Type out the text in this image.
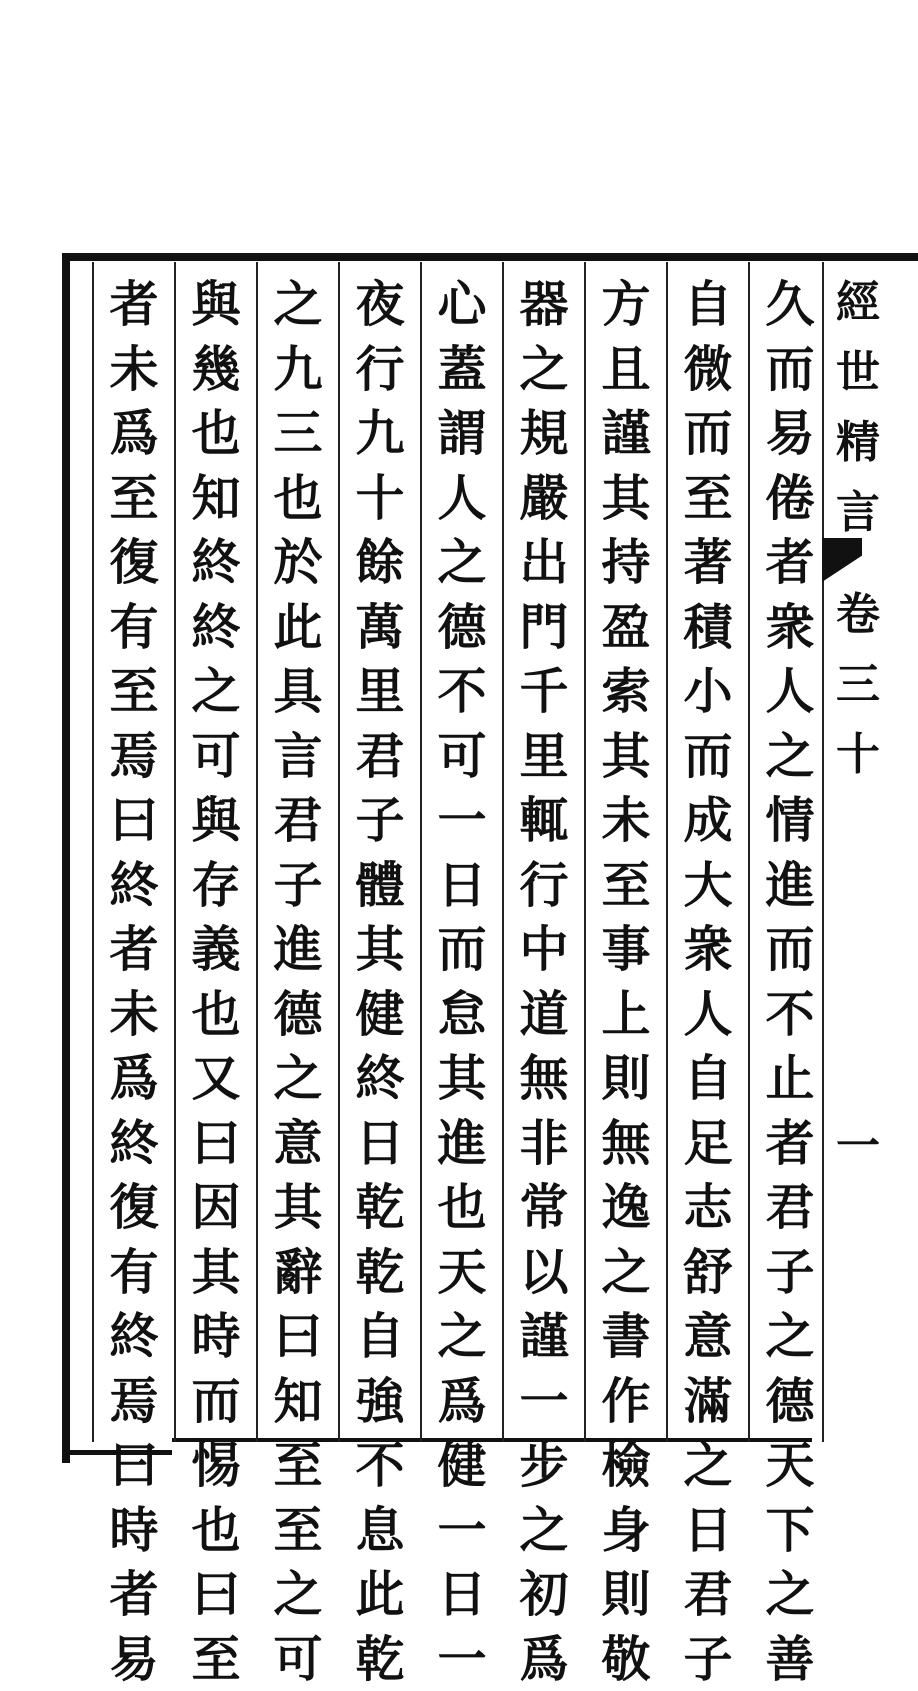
經
世
精
言
卷
三
十
一
久
而
易
倦
者
衆
人
之
情
進
而
不
止
者
君
子
之
德
天
下
之
善
自
微
而
至
著
積
小
而
成
大
衆
人
自
足
志
舒
意
滿
之
日
君
子
方
且
謹
其
持
盈
索
其
未
至
事
上
則
無
逸
之
書
作
檢
身
則
敬
器
之
規
嚴
出
門
千
里
輒
行
中
道
無
非
常
以
謹
一
步
之
初
爲
心
蓋
謂
人
之
德
不
可
一
日
而
怠
其
進
也
天
之
爲
健
一
日
一
夜
行
九
十
餘
萬
里
君
子
體
其
健
終
日
乾
乾
自
強
不
息
此
乾
之
九
三
也
於
此
具
言
君
子
進
德
之
意
其
辭
曰
知
至
至
之
可
與
幾
也
知
終
終
之
可
與
存
義
也
又
曰
因
其
時
而
惕
也
曰
至
者
未
爲
至
復
有
至
焉
曰
終
者
未
爲
終
復
有
終
焉
曰
時
者
易
